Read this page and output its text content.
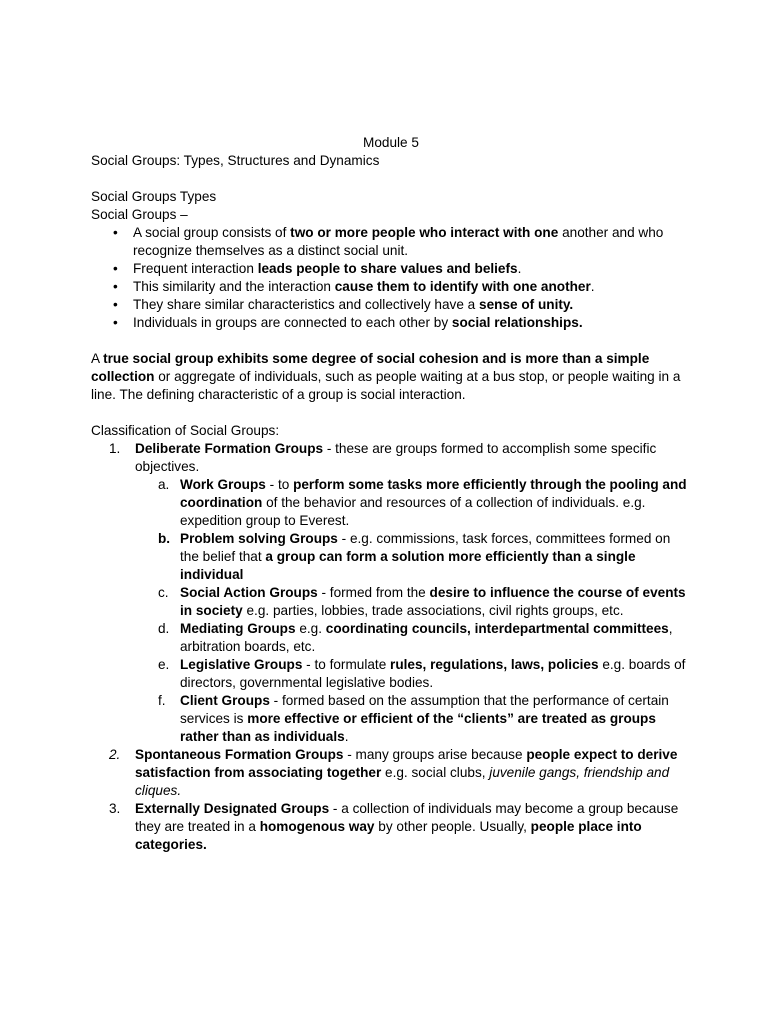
Module 5

Social Groups: Types, Structures and Dynamics

Social Groups Types

Social Groups –

• A social group consists of two or more people who interact with one another and who recognize themselves as a distinct social unit.
• Frequent interaction leads people to share values and beliefs.
• This similarity and the interaction cause them to identify with one another.
• They share similar characteristics and collectively have a sense of unity.
• Individuals in groups are connected to each other by social relationships.

A true social group exhibits some degree of social cohesion and is more than a simple collection or aggregate of individuals, such as people waiting at a bus stop, or people waiting in a line. The defining characteristic of a group is social interaction.

Classification of Social Groups:

1. Deliberate Formation Groups - these are groups formed to accomplish some specific objectives.
a. Work Groups - to perform some tasks more efficiently through the pooling and coordination of the behavior and resources of a collection of individuals. e.g. expedition group to Everest.
b. Problem solving Groups - e.g. commissions, task forces, committees formed on the belief that a group can form a solution more efficiently than a single individual
c. Social Action Groups - formed from the desire to influence the course of events in society e.g. parties, lobbies, trade associations, civil rights groups, etc.
d. Mediating Groups e.g. coordinating councils, interdepartmental committees, arbitration boards, etc.
e. Legislative Groups - to formulate rules, regulations, laws, policies e.g. boards of directors, governmental legislative bodies.
f. Client Groups - formed based on the assumption that the performance of certain services is more effective or efficient of the “clients” are treated as groups rather than as individuals.
2. Spontaneous Formation Groups - many groups arise because people expect to derive satisfaction from associating together e.g. social clubs, juvenile gangs, friendship and cliques.
3. Externally Designated Groups - a collection of individuals may become a group because they are treated in a homogenous way by other people. Usually, people place into categories.
